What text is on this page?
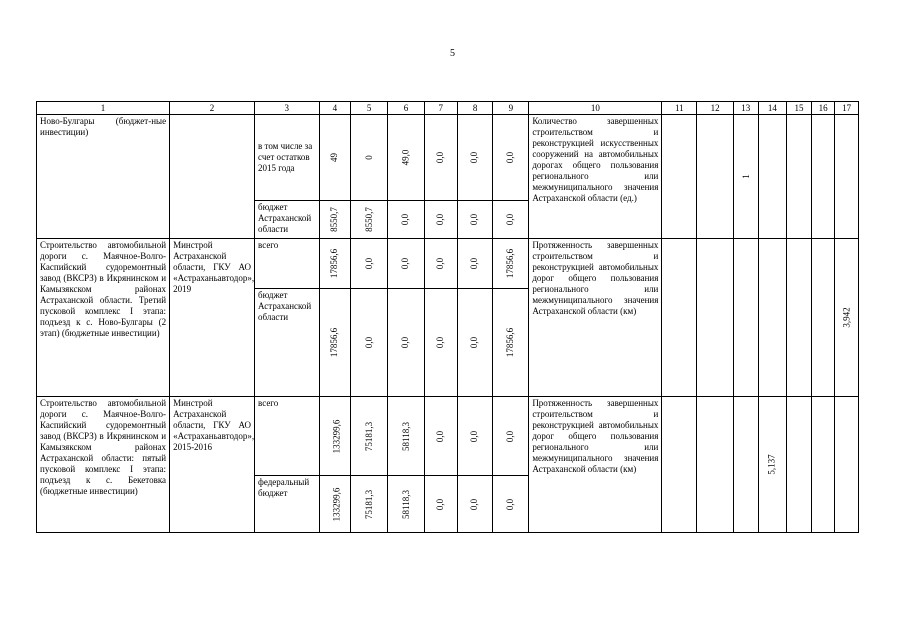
5
1	2	3	4	5	6	7	8	9	10	11	12	13	14	15	16	17
Ново-Булгары (бюджет-ные инвестиции)		в том числе за счет остатков 2015 года	49	0	49,0	0,0	0,0	0,0	Количество завершенных строительством и реконструкцией искусственных сооружений на автомобильных дорогах общего пользования регионального или межмуниципального значения Астраханской области (ед.)			1				
		бюджет Астраханской области	8550,7	8550,7	0,0	0,0	0,0	0,0								
Строительство автомобильной дороги с. Маячное-Волго-Каспийский судоремонтный завод (ВКСРЗ) в Икрянинском и Камызякском районах Астраханской области. Третий пусковой комплекс I этапа: подъезд к с. Ново-Булгары (2 этап) (бюджетные инвестиции)	Минстрой Астраханской области, ГКУ АО «Астраханьавтодор», 2019	всего	17856,6	0,0	0,0	0,0	0,0	17856,6	Протяженность завершенных строительством и реконструкцией автомобильных дорог общего пользования регионального или межмуниципального значения Астраханской области (км)							3,942
		бюджет Астраханской области	17856,6	0,0	0,0	0,0	0,0	17856,6								
Строительство автомобильной дороги с. Маячное-Волго-Каспийский судоремонтный завод (ВКСРЗ) в Икрянинском и Камызякском районах Астраханской области: пятый пусковой комплекс I этапа: подъезд к с. Бекетовка (бюджетные инвестиции)	Минстрой Астраханской области, ГКУ АО «Астраханьавтодор», 2015-2016	всего	133299,6	75181,3	58118,3	0,0	0,0	0,0	Протяженность завершенных строительством и реконструкцией автомобильных дорог общего пользования регионального или межмуниципального значения Астраханской области (км)				5,137			
		федеральный бюджет	133299,6	75181,3	58118,3	0,0	0,0	0,0								
